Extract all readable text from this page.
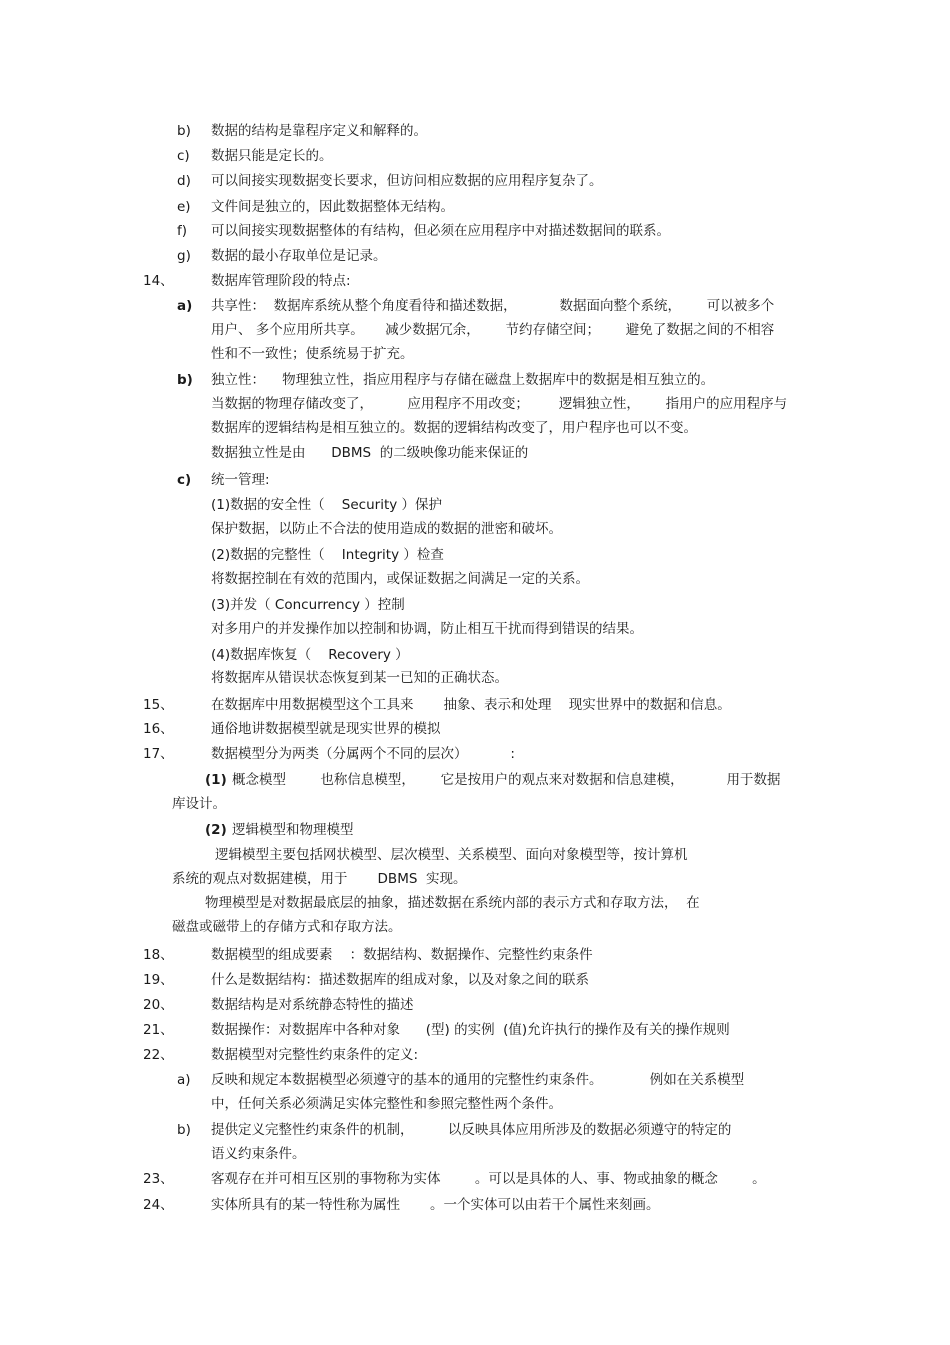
b) 数据的结构是靠程序定义和解释的。
c) 数据只能是定长的。
d) 可以间接实现数据变长要求，但访问相应数据的应用程序复杂了。
e) 文件间是独立的，因此数据整体无结构。
f) 可以间接实现数据整体的有结构，但必须在应用程序中对描述数据间的联系。
g) 数据的最小存取单位是记录。
14、	数据库管理阶段的特点:
a) 共享性：  数据库系统从整个角度看待和描述数据，          数据面向整个系统，      可以被多个
用户、 多个应用所共享。     减少数据冗余，      节约存储空间；      避免了数据之间的不相容
性和不一致性；使系统易于扩充。
b) 独立性：    物理独立性，指应用程序与存储在磁盘上数据库中的数据是相互独立的。
当数据的物理存储改变了，        应用程序不用改变；       逻辑独立性，      指用户的应用程序与
数据库的逻辑结构是相互独立的。数据的逻辑结构改变了，用户程序也可以不变。
数据独立性是由      DBMS  的二级映像功能来保证的
c) 统一管理:
(1)数据的安全性（    Security ）保护
保护数据，以防止不合法的使用造成的数据的泄密和破坏。
(2)数据的完整性（    Integrity ）检查
将数据控制在有效的范围内，或保证数据之间满足一定的关系。
(3)并发（ Concurrency ）控制
对多用户的并发操作加以控制和协调，防止相互干扰而得到错误的结果。
(4)数据库恢复（    Recovery ）
将数据库从错误状态恢复到某一已知的正确状态。
15、	在数据库中用数据模型这个工具来       抽象、表示和处理    现实世界中的数据和信息。
16、	通俗地讲数据模型就是现实世界的模拟
17、	数据模型分为两类（分属两个不同的层次）          :
(1) 概念模型        也称信息模型，      它是按用户的观点来对数据和信息建模，          用于数据
库设计。
(2) 逻辑模型和物理模型
逻辑模型主要包括网状模型、层次模型、关系模型、面向对象模型等，按计算机
系统的观点对数据建模，用于       DBMS  实现。
物理模型是对数据最底层的抽象，描述数据在系统内部的表示方式和存取方法，  在
磁盘或磁带上的存储方式和存取方法。
18、	数据模型的组成要素    ：数据结构、数据操作、完整性约束条件
19、	什么是数据结构：描述数据库的组成对象，以及对象之间的联系
20、	数据结构是对系统静态特性的描述
21、	数据操作：对数据库中各种对象      (型) 的实例  (值)允许执行的操作及有关的操作规则
22、	数据模型对完整性约束条件的定义:
a) 反映和规定本数据模型必须遵守的基本的通用的完整性约束条件。           例如在关系模型
中，任何关系必须满足实体完整性和参照完整性两个条件。
b) 提供定义完整性约束条件的机制，        以反映具体应用所涉及的数据必须遵守的特定的
语义约束条件。
23、	客观存在并可相互区别的事物称为实体        。可以是具体的人、事、物或抽象的概念        。
24、	实体所具有的某一特性称为属性       。一个实体可以由若干个属性来刻画。
